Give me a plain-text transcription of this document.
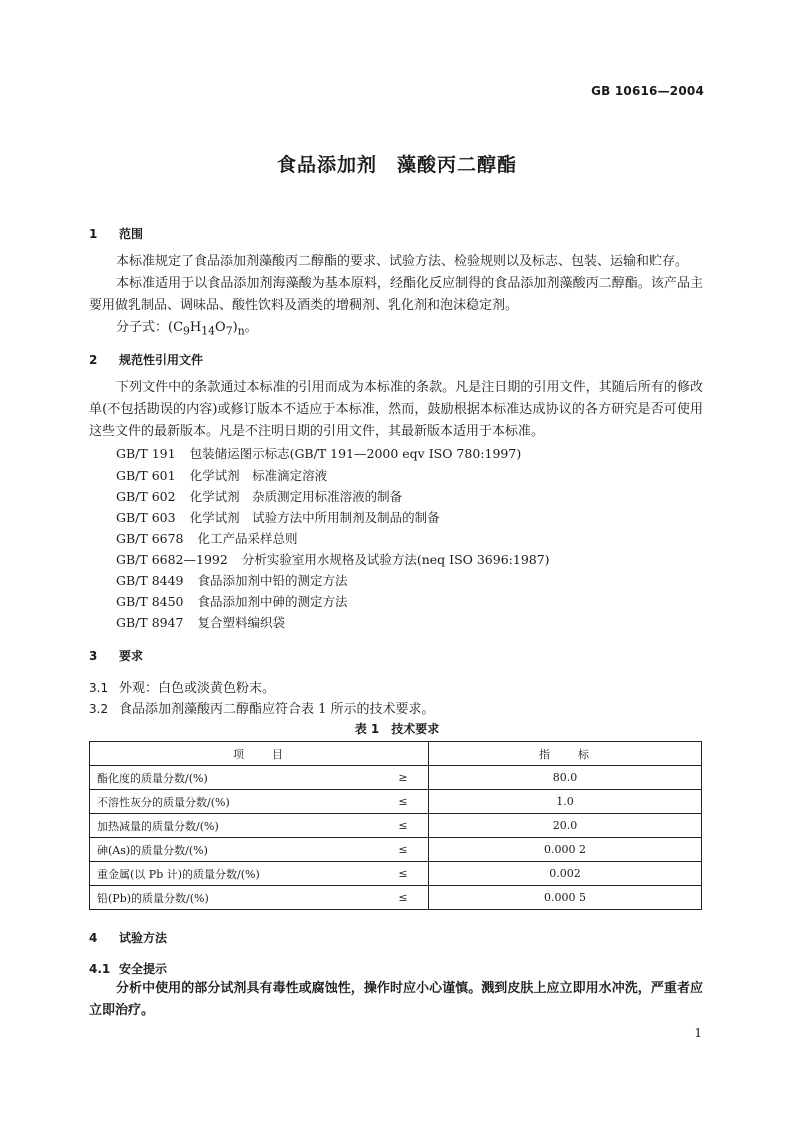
GB 10616—2004
食品添加剂　藻酸丙二醇酯
1 范围

本标准规定了食品添加剂藻酸丙二醇酯的要求、试验方法、检验规则以及标志、包装、运输和贮存。

本标准适用于以食品添加剂海藻酸为基本原料，经酯化反应制得的食品添加剂藻酸丙二醇酯。该产品主要用做乳制品、调味品、酸性饮料及酒类的增稠剂、乳化剂和泡沫稳定剂。

分子式：$(C_9H_{14}O_7)_n$。

2 规范性引用文件

下列文件中的条款通过本标准的引用而成为本标准的条款。凡是注日期的引用文件，其随后所有的修改单(不包括勘误的内容)或修订版本不适应于本标准，然而，鼓励根据本标准达成协议的各方研究是否可使用这些文件的最新版本。凡是不注明日期的引用文件，其最新版本适用于本标准。

GB/T 191 包装储运图示标志(GB/T 191—2000 eqv ISO 780:1997)
GB/T 601 化学试剂　标准滴定溶液
GB/T 602 化学试剂　杂质测定用标准溶液的制备
GB/T 603 化学试剂　试验方法中所用制剂及制品的制备
GB/T 6678 化工产品采样总则
GB/T 6682—1992 分析实验室用水规格及试验方法(neq ISO 3696:1987)
GB/T 8449 食品添加剂中铅的测定方法
GB/T 8450 食品添加剂中砷的测定方法
GB/T 8947 复合塑料编织袋
3 要求
3.1 外观：白色或淡黄色粉末。
3.2 食品添加剂藻酸丙二醇酯应符合表 1 所示的技术要求。
表 1　技术要求
项　　目		指　　标
酯化度的质量分数/(%)	≥	80.0
不溶性灰分的质量分数/(%)	≤	1.0
加热减量的质量分数/(%)	≤	20.0
砷(As)的质量分数/(%)	≤	0.000 2
重金属(以 Pb 计)的质量分数/(%)	≤	0.002
铅(Pb)的质量分数/(%)	≤	0.000 5
4 试验方法
4.1 安全提示

分析中使用的部分试剂具有毒性或腐蚀性，操作时应小心谨慎。溅到皮肤上应立即用水冲洗，严重者应立即治疗。

1
